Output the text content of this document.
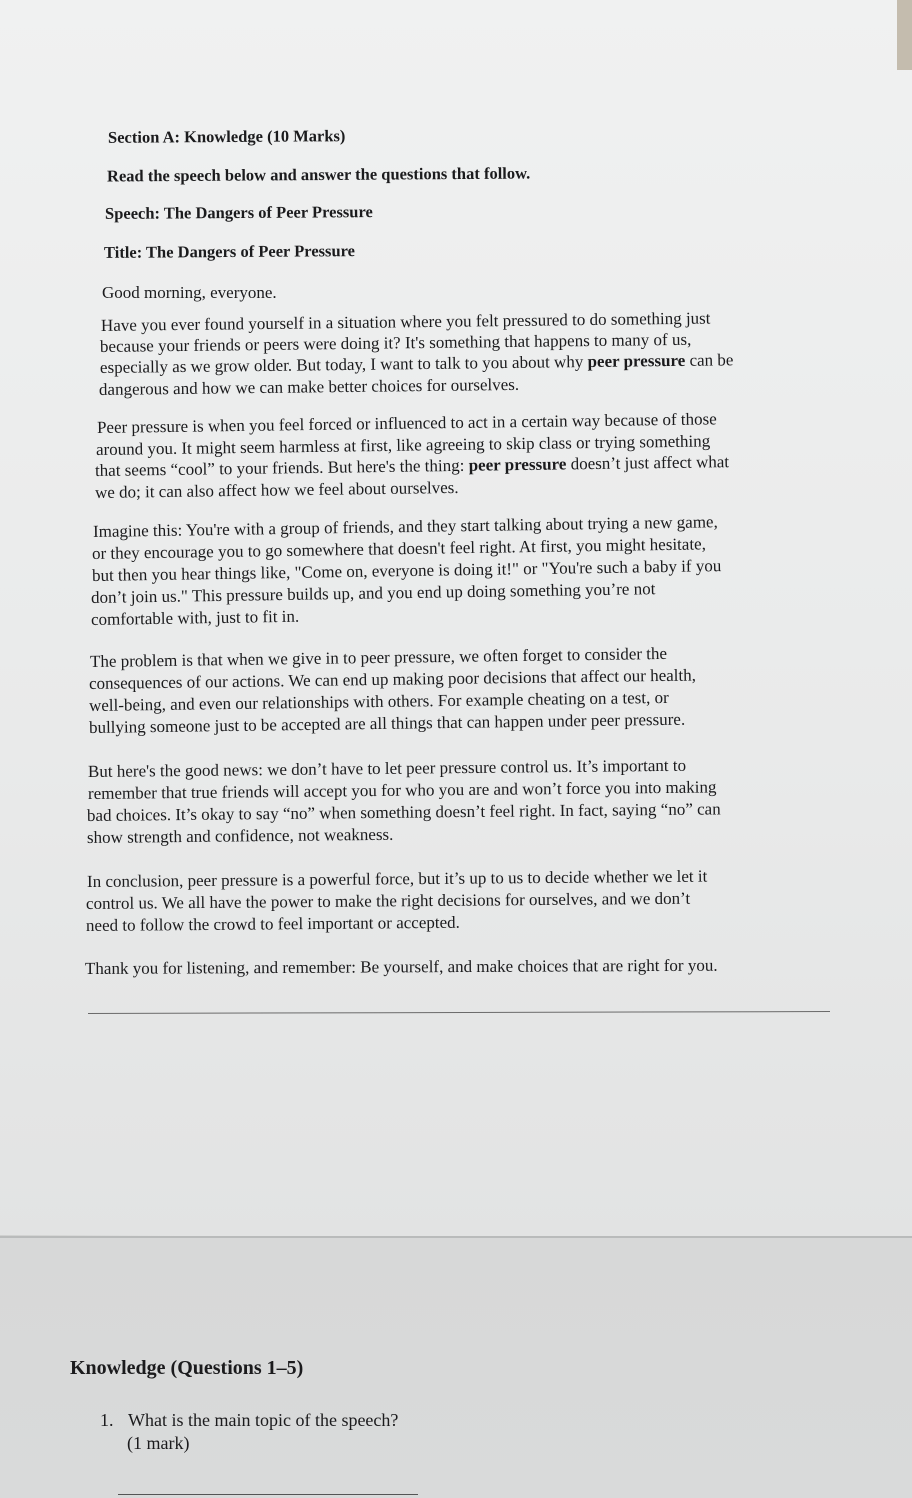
Section A: Knowledge (10 Marks)
Read the speech below and answer the questions that follow.
Speech: The Dangers of Peer Pressure
Title: The Dangers of Peer Pressure
Good morning, everyone.
Have you ever found yourself in a situation where you felt pressured to do something just
because your friends or peers were doing it? It's something that happens to many of us,
especially as we grow older. But today, I want to talk to you about why peer pressure can be
dangerous and how we can make better choices for ourselves.
Peer pressure is when you feel forced or influenced to act in a certain way because of those
around you. It might seem harmless at first, like agreeing to skip class or trying something
that seems “cool” to your friends. But here's the thing: peer pressure doesn’t just affect what
we do; it can also affect how we feel about ourselves.
Imagine this: You're with a group of friends, and they start talking about trying a new game,
or they encourage you to go somewhere that doesn't feel right. At first, you might hesitate,
but then you hear things like, "Come on, everyone is doing it!" or "You're such a baby if you
don’t join us." This pressure builds up, and you end up doing something you’re not
comfortable with, just to fit in.
The problem is that when we give in to peer pressure, we often forget to consider the
consequences of our actions. We can end up making poor decisions that affect our health,
well-being, and even our relationships with others. For example cheating on a test, or
bullying someone just to be accepted are all things that can happen under peer pressure.
But here's the good news: we don’t have to let peer pressure control us. It’s important to
remember that true friends will accept you for who you are and won’t force you into making
bad choices. It’s okay to say “no” when something doesn’t feel right. In fact, saying “no” can
show strength and confidence, not weakness.
In conclusion, peer pressure is a powerful force, but it’s up to us to decide whether we let it
control us. We all have the power to make the right decisions for ourselves, and we don’t
need to follow the crowd to feel important or accepted.
Thank you for listening, and remember: Be yourself, and make choices that are right for you.
Knowledge (Questions 1–5)
1. What is the main topic of the speech?
(1 mark)
